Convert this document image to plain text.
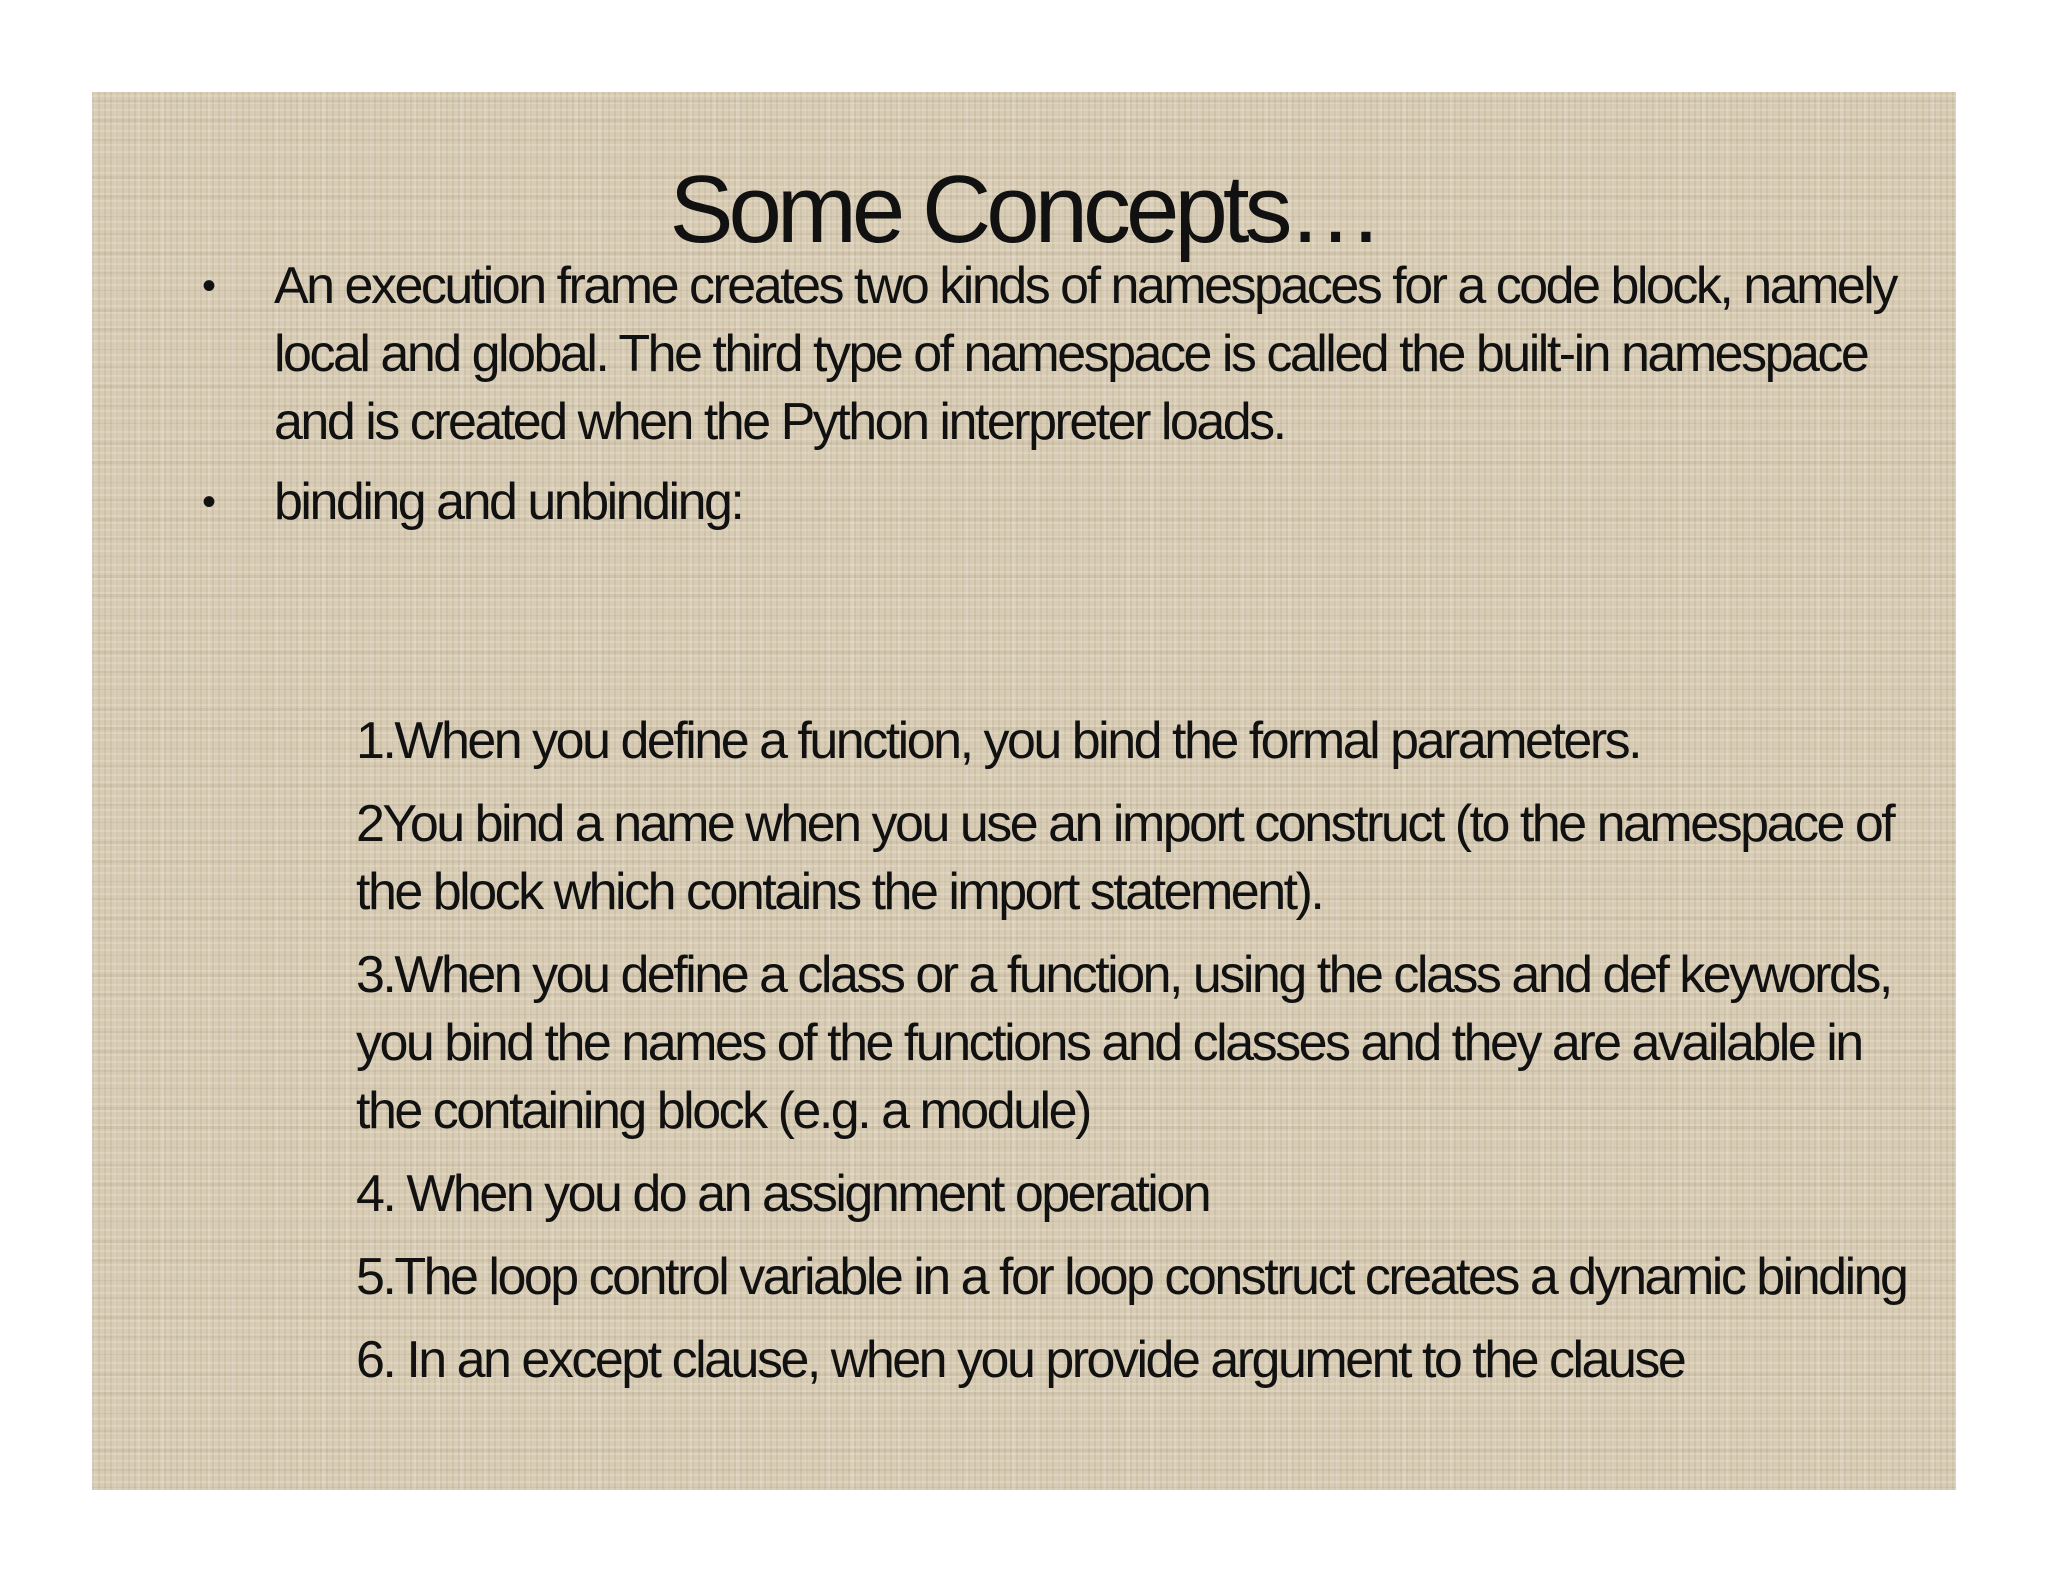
Some Concepts…
• An execution frame creates two kinds of namespaces for a code block, namely local and global. The third type of namespace is called the built-in namespace and is created when the Python interpreter loads.
• binding and unbinding:
1.When you define a function, you bind the formal parameters.
2You bind a name when you use an import construct (to the namespace of the block which contains the import statement).
3.When you define a class or a function, using the class and def keywords, you bind the names of the functions and classes and they are available in the containing block (e.g. a module)
4. When you do an assignment operation
5.The loop control variable in a for loop construct creates a dynamic binding
6. In an except clause, when you provide argument to the clause
